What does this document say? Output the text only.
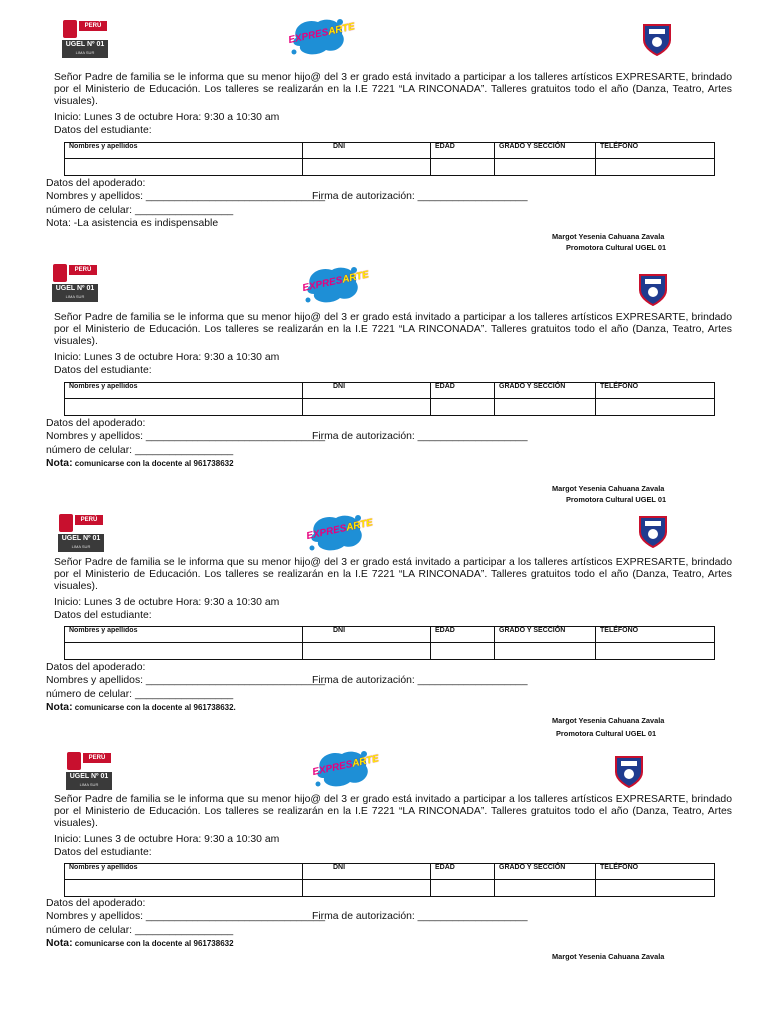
PERÚ
UGEL Nº 01
LIMA SUR
EXPRESARTE

Señor Padre de familia se le informa que su menor hijo@ del 3 er grado está invitado a participar a los talleres artísticos EXPRESARTE, brindado por el Ministerio de Educación. Los talleres se realizarán en la I.E 7221 “LA RINCONADA”. Talleres gratuitos todo el año (Danza, Teatro, Artes visuales).

Inicio: Lunes 3 de octubre Hora: 9:30 a 10:30 am
Datos del estudiante:
Nombres y apellidos	DNI	EDAD	GRADO Y SECCIÓN	TELÉFONO

Datos del apoderado:
Nombres y apellidos: _______________________________
Firma de autorización: ___________________
número de celular: _________________
Nota: -La asistencia es indispensable
Margot Yesenia Cahuana Zavala
Promotora Cultural UGEL 01
PERÚ
UGEL Nº 01
LIMA SUR
EXPRESARTE

Señor Padre de familia se le informa que su menor hijo@ del 3 er grado está invitado a participar a los talleres artísticos EXPRESARTE, brindado por el Ministerio de Educación. Los talleres se realizarán en la I.E 7221 “LA RINCONADA”. Talleres gratuitos todo el año (Danza, Teatro, Artes visuales).

Inicio: Lunes 3 de octubre Hora: 9:30 a 10:30 am
Datos del estudiante:
Nombres y apellidos	DNI	EDAD	GRADO Y SECCIÓN	TELÉFONO

Datos del apoderado:
Nombres y apellidos: _______________________________
Firma de autorización: ___________________
número de celular: _________________
Nota: comunicarse con la docente al 961738632
Margot Yesenia Cahuana Zavala
Promotora Cultural UGEL 01
PERÚ
UGEL Nº 01
LIMA SUR
EXPRESARTE

Señor Padre de familia se le informa que su menor hijo@ del 3 er grado está invitado a participar a los talleres artísticos EXPRESARTE, brindado por el Ministerio de Educación. Los talleres se realizarán en la I.E 7221 “LA RINCONADA”. Talleres gratuitos todo el año (Danza, Teatro, Artes visuales).

Inicio: Lunes 3 de octubre Hora: 9:30 a 10:30 am
Datos del estudiante:
Nombres y apellidos	DNI	EDAD	GRADO Y SECCIÓN	TELÉFONO

Datos del apoderado:
Nombres y apellidos: _______________________________
Firma de autorización: ___________________
número de celular: _________________
Nota: comunicarse con la docente al 961738632.
Margot Yesenia Cahuana Zavala
Promotora Cultural UGEL 01
PERÚ
UGEL Nº 01
LIMA SUR
EXPRESARTE

Señor Padre de familia se le informa que su menor hijo@ del 3 er grado está invitado a participar a los talleres artísticos EXPRESARTE, brindado por el Ministerio de Educación. Los talleres se realizarán en la I.E 7221 “LA RINCONADA”. Talleres gratuitos todo el año (Danza, Teatro, Artes visuales).

Inicio: Lunes 3 de octubre Hora: 9:30 a 10:30 am
Datos del estudiante:
Nombres y apellidos	DNI	EDAD	GRADO Y SECCIÓN	TELÉFONO

Datos del apoderado:
Nombres y apellidos: _______________________________
Firma de autorización: ___________________
número de celular: _________________
Nota: comunicarse con la docente al 961738632
Margot Yesenia Cahuana Zavala
